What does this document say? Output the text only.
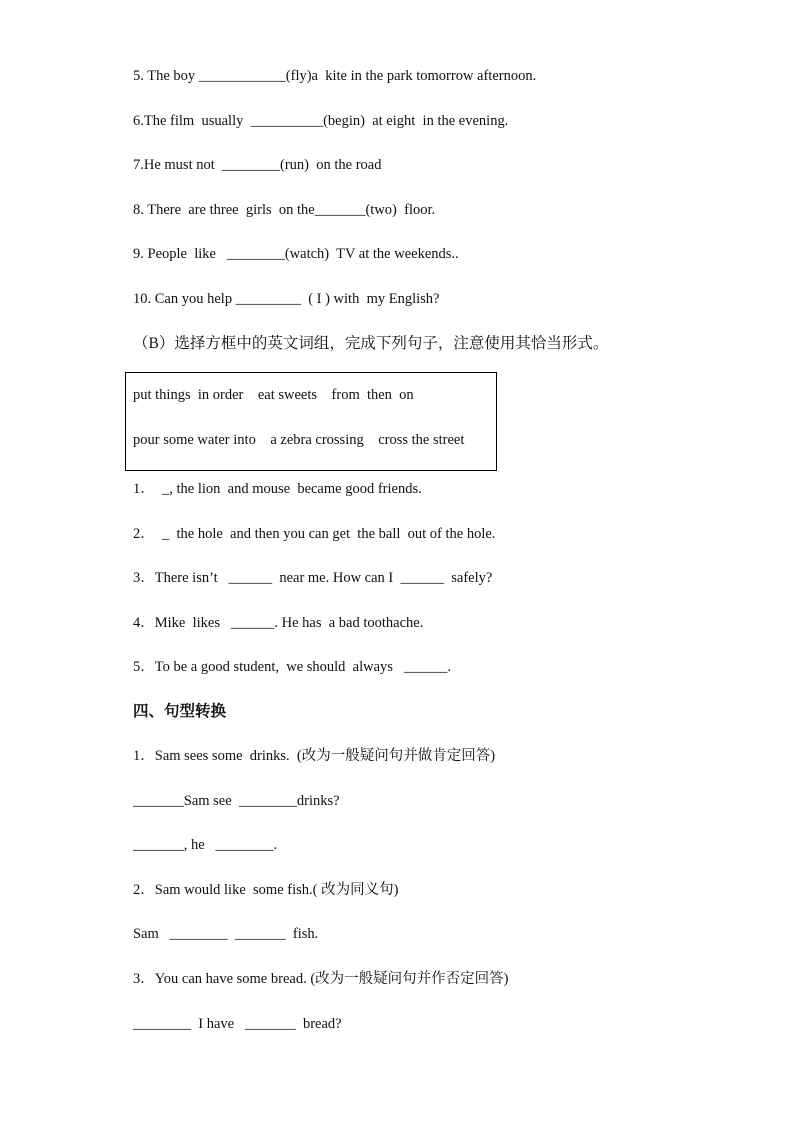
5. The boy ____________(fly)a  kite in the park tomorrow afternoon.
6.The film  usually  __________(begin)  at eight  in the evening.
7.He must not  ________(run)  on the road
8. There  are three  girls  on the_______(two)  floor.
9. People  like   ________(watch)  TV at the weekends..
10. Can you help _________  ( I ) with  my English?
（B）选择方框中的英文词组，完成下列句子，注意使用其恰当形式。
put things  in order    eat sweets    from  then  on
pour some water into    a zebra crossing    cross the street
1．  _, the lion  and mouse  became good friends.
2．  _  the hole  and then you can get  the ball  out of the hole.
3．There isn’t   ______  near me. How can I  ______  safely?
4．Mike  likes   ______. He has  a bad toothache.
5．To be a good student,  we should  always   ______.
四、句型转换
1．Sam sees some  drinks.  (改为一般疑问句并做肯定回答)
_______Sam see  ________drinks?
_______, he   ________.
2．Sam would like  some fish.( 改为同义句)
Sam   ________  _______  fish.
3．You can have some bread. (改为一般疑问句并作否定回答)
________  I have   _______  bread?
